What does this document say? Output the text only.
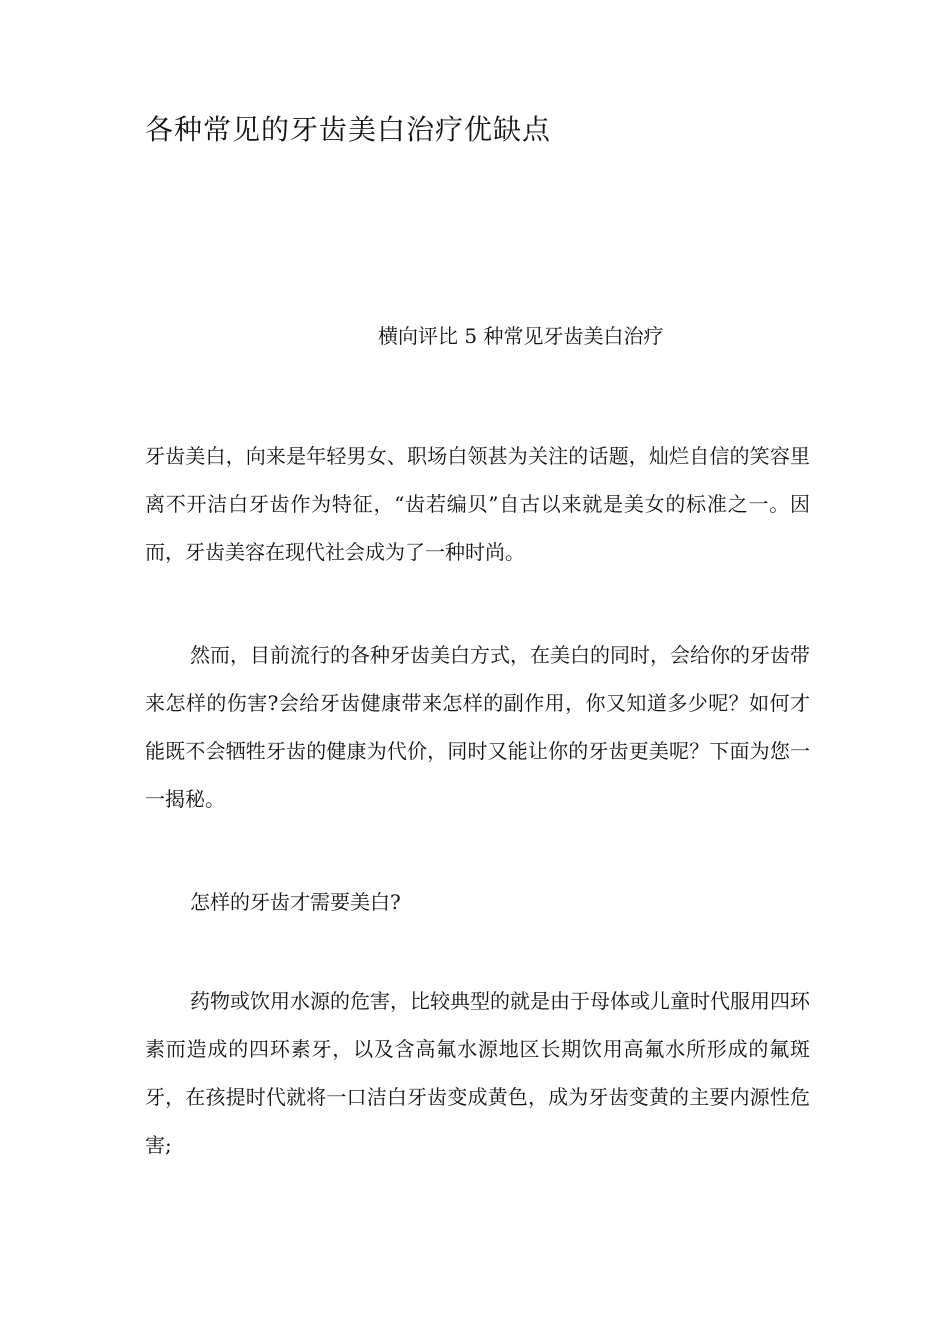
各种常见的牙齿美白治疗优缺点
横向评比 5 种常见牙齿美白治疗

牙齿美白，向来是年轻男女、职场白领甚为关注的话题，灿烂自信的笑容里离不开洁白牙齿作为特征，“齿若编贝”自古以来就是美女的标准之一。因而，牙齿美容在现代社会成为了一种时尚。

然而，目前流行的各种牙齿美白方式，在美白的同时，会给你的牙齿带来怎样的伤害?会给牙齿健康带来怎样的副作用，你又知道多少呢？如何才能既不会牺牲牙齿的健康为代价，同时又能让你的牙齿更美呢？下面为您一一揭秘。

怎样的牙齿才需要美白?

药物或饮用水源的危害，比较典型的就是由于母体或儿童时代服用四环素而造成的四环素牙，以及含高氟水源地区长期饮用高氟水所形成的氟斑牙，在孩提时代就将一口洁白牙齿变成黄色，成为牙齿变黄的主要内源性危害;
